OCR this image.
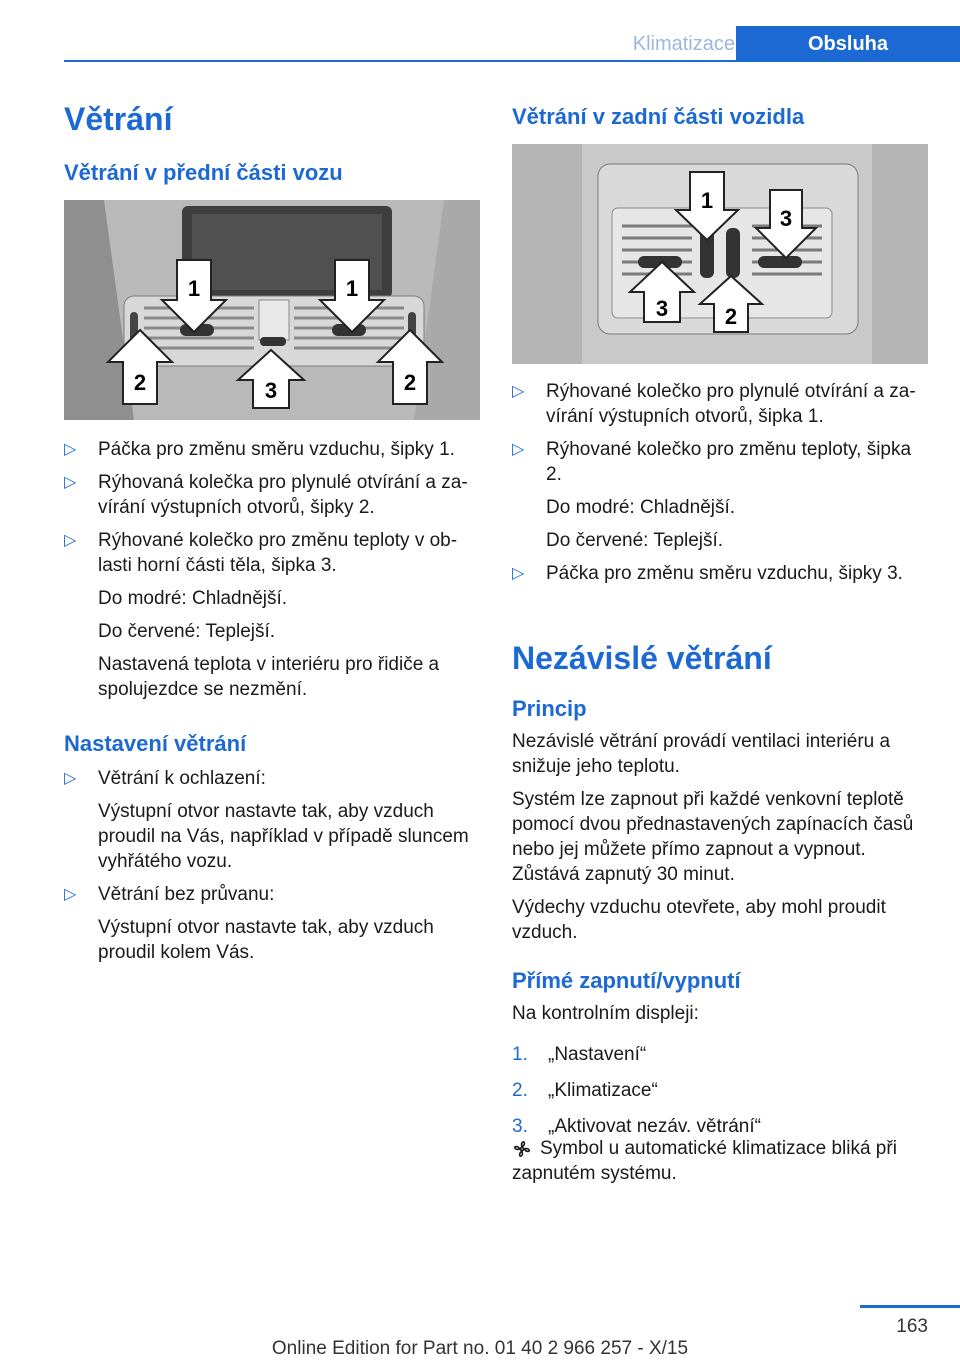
Klimatizace	Obsluha
Větrání
Větrání v přední části vozu
1	1
2	3	2
▷ Páčka pro změnu směru vzduchu, šipky 1.
▷ Rýhovaná kolečka pro plynulé otvírání a za‐vírání výstupních otvorů, šipky 2.
▷ Rýhované kolečko pro změnu teploty v ob‐lasti horní části těla, šipka 3.
Do modré: Chladnější.
Do červené: Teplejší.
Nastavená teplota v interiéru pro řidiče a spolujezdce se nezmění.
Nastavení větrání
▷ Větrání k ochlazení:
Výstupní otvor nastavte tak, aby vzduch proudil na Vás, například v případě sluncem vyhřátého vozu.
▷ Větrání bez průvanu:
Výstupní otvor nastavte tak, aby vzduch proudil kolem Vás.
Větrání v zadní části vozidla
1
3
3	2
▷ Rýhované kolečko pro plynulé otvírání a za‐vírání výstupních otvorů, šipka 1.
▷ Rýhované kolečko pro změnu teploty, šipka 2.
Do modré: Chladnější.
Do červené: Teplejší.
▷ Páčka pro změnu směru vzduchu, šipky 3.
Nezávislé větrání
Princip

Nezávislé větrání provádí ventilaci interiéru a snižuje jeho teplotu.

Systém lze zapnout při každé venkovní teplotě pomocí dvou přednastavených zapínacích časů nebo jej můžete přímo zapnout a vypnout. Zůstává zapnutý 30 minut.

Výdechy vzduchu otevřete, aby mohl proudit vzduch.

Přímé zapnutí/vypnutí

Na kontrolním displeji:

1. „Nastavení“
2. „Klimatizace“
3. „Aktivovat nezáv. větrání“

Symbol u automatické klimatizace bliká při zapnutém systému.

163
Online Edition for Part no. 01 40 2 966 257 - X/15
